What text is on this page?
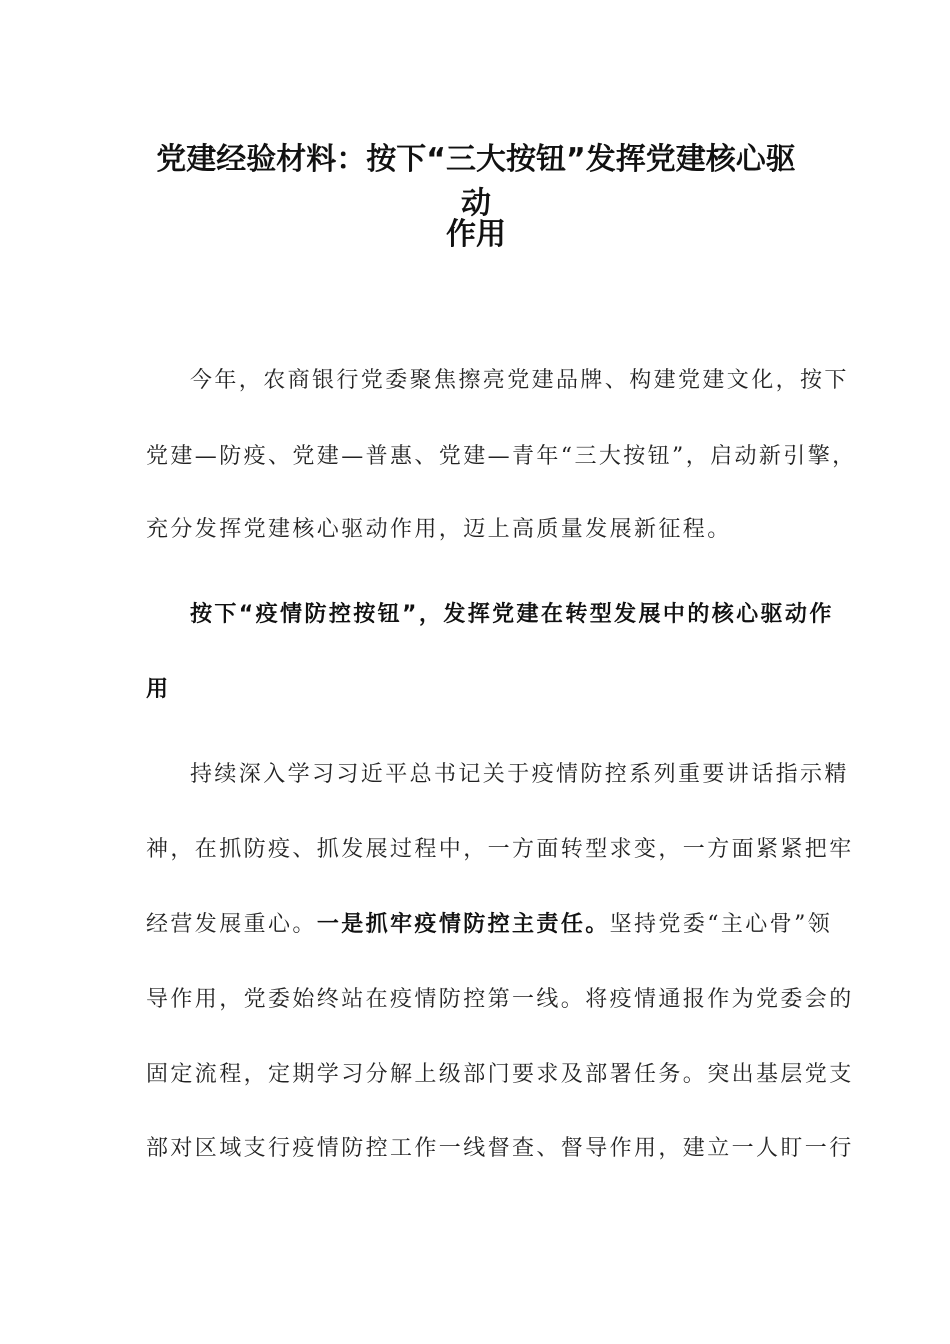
党建经验材料：按下“三大按钮”发挥党建核心驱动
作用
今年，农商银行党委聚焦擦亮党建品牌、构建党建文化，按下
党建—防疫、党建—普惠、党建—青年“三大按钮”，启动新引擎，
充分发挥党建核心驱动作用，迈上高质量发展新征程。
按下“疫情防控按钮”，发挥党建在转型发展中的核心驱动作
用
持续深入学习习近平总书记关于疫情防控系列重要讲话指示精
神，在抓防疫、抓发展过程中，一方面转型求变，一方面紧紧把牢
经营发展重心。一是抓牢疫情防控主责任。坚持党委“主心骨”领
导作用，党委始终站在疫情防控第一线。将疫情通报作为党委会的
固定流程，定期学习分解上级部门要求及部署任务。突出基层党支
部对区域支行疫情防控工作一线督查、督导作用，建立一人盯一行
